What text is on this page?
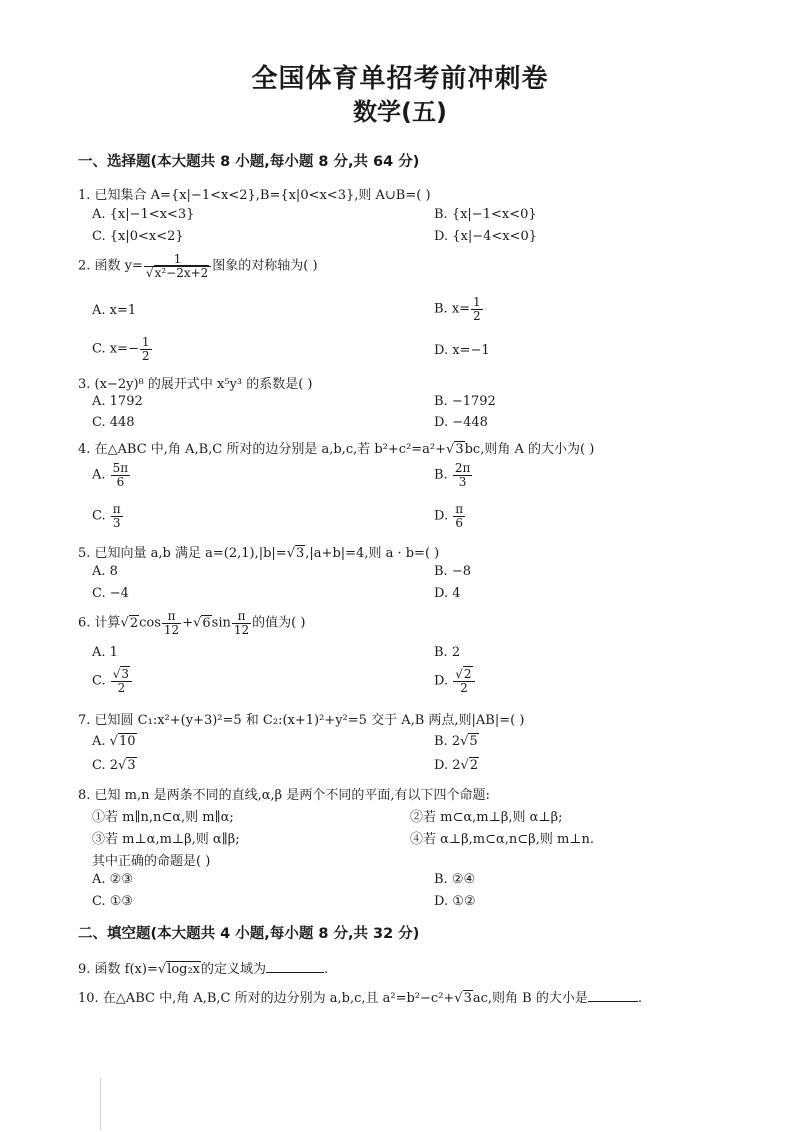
全国体育单招考前冲刺卷
数学(五)
一、选择题(本大题共 8 小题,每小题 8 分,共 64 分)
1. 已知集合 A={x|−1<x<2},B={x|0<x<3},则 A∪B=( )
A. {x|−1<x<3}	B. {x|−1<x<0}
C. {x|0<x<2}	D. {x|−4<x<0}
2. 函数 $y= \frac{1}{\text{√x²−2x+2}}$ 图象的对称轴为( )
A. x=1	B. $x= \frac{1}{2}$
C. $x=- \frac{1}{2}$	D. x=−1
3. (x−2y)⁸ 的展开式中 x⁵y³ 的系数是( )
A. 1792	B. −1792
C. 448	D. −448
4. 在△ABC 中,角 A,B,C 所对的边分别是 a,b,c,若 b²+c²=a²+√3bc,则角 A 的大小为( )
A. $\frac{5\pi}{6}$	B. $\frac{2\pi}{3}$
C. $\frac{\pi}{3}$	D. $\frac{\pi}{6}$
5. 已知向量 a,b 满足 a=(2,1),|b|=√3,|a+b|=4,则 a · b=( )
A. 8	B. −8
C. −4	D. 4
6. 计算$√2\cos \frac{\pi}{12} +√6\sin \frac{\pi}{12}$ 的值为( )
A. 1	B. 2
C. $\frac{√3}{2}$	D. $\frac{√2}{2}$
7. 已知圆 C₁:x²+(y+3)²=5 和 C₂:(x+1)²+y²=5 交于 A,B 两点,则|AB|=( )
A. √10	B. 2√5
C. 2√3	D. 2√2
8. 已知 m,n 是两条不同的直线,α,β 是两个不同的平面,有以下四个命题:
①若 m∥n,n⊂α,则 m∥α;	②若 m⊂α,m⊥β,则 α⊥β;
③若 m⊥α,m⊥β,则 α∥β;	④若 α⊥β,m⊂α,n⊂β,则 m⊥n.
其中正确的命题是( )
A. ②③	B. ②④
C. ①③	D. ①②
二、填空题(本大题共 4 小题,每小题 8 分,共 32 分)
9. 函数 f(x)=√log₂x的定义域为	.
10. 在△ABC 中,角 A,B,C 所对的边分别为 a,b,c,且 a²=b²−c²+√3ac,则角 B 的大小是	.
